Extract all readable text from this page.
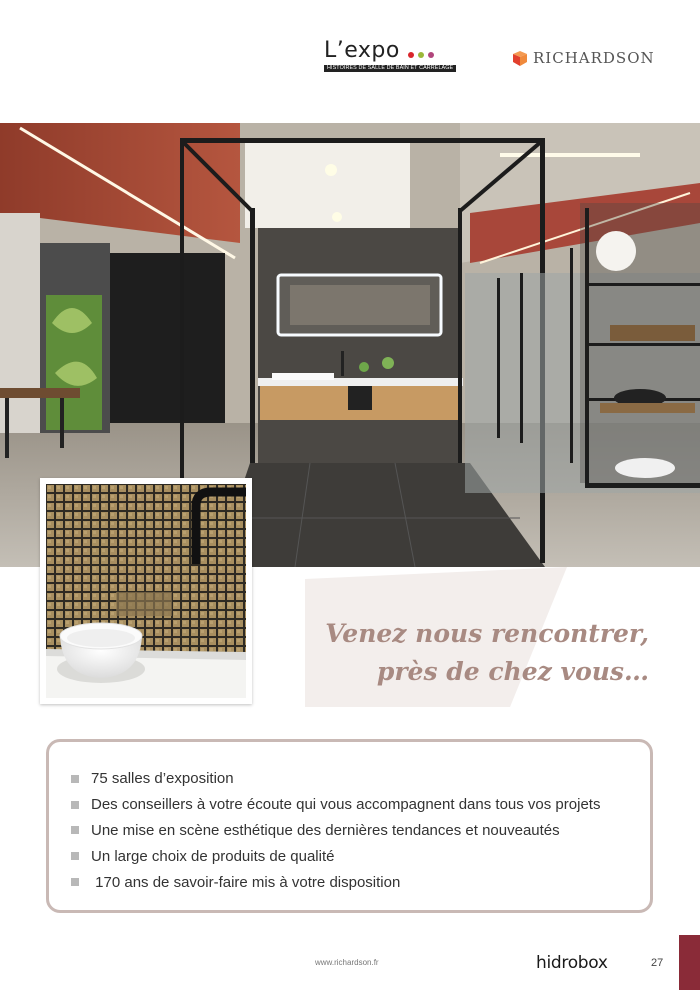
L’expo
HISTOIRES DE SALLE DE BAIN ET CARRELAGE
RICHARDSON
Venez nous rencontrer,
près de chez vous…
75 salles d’exposition
Des conseillers à votre écoute qui vous accompagnent dans tous vos projets
Une mise en scène esthétique des dernières tendances et nouveautés
Un large choix de produits de qualité
170 ans de savoir-faire mis à votre disposition
www.richardson.fr	hidrobox	27
